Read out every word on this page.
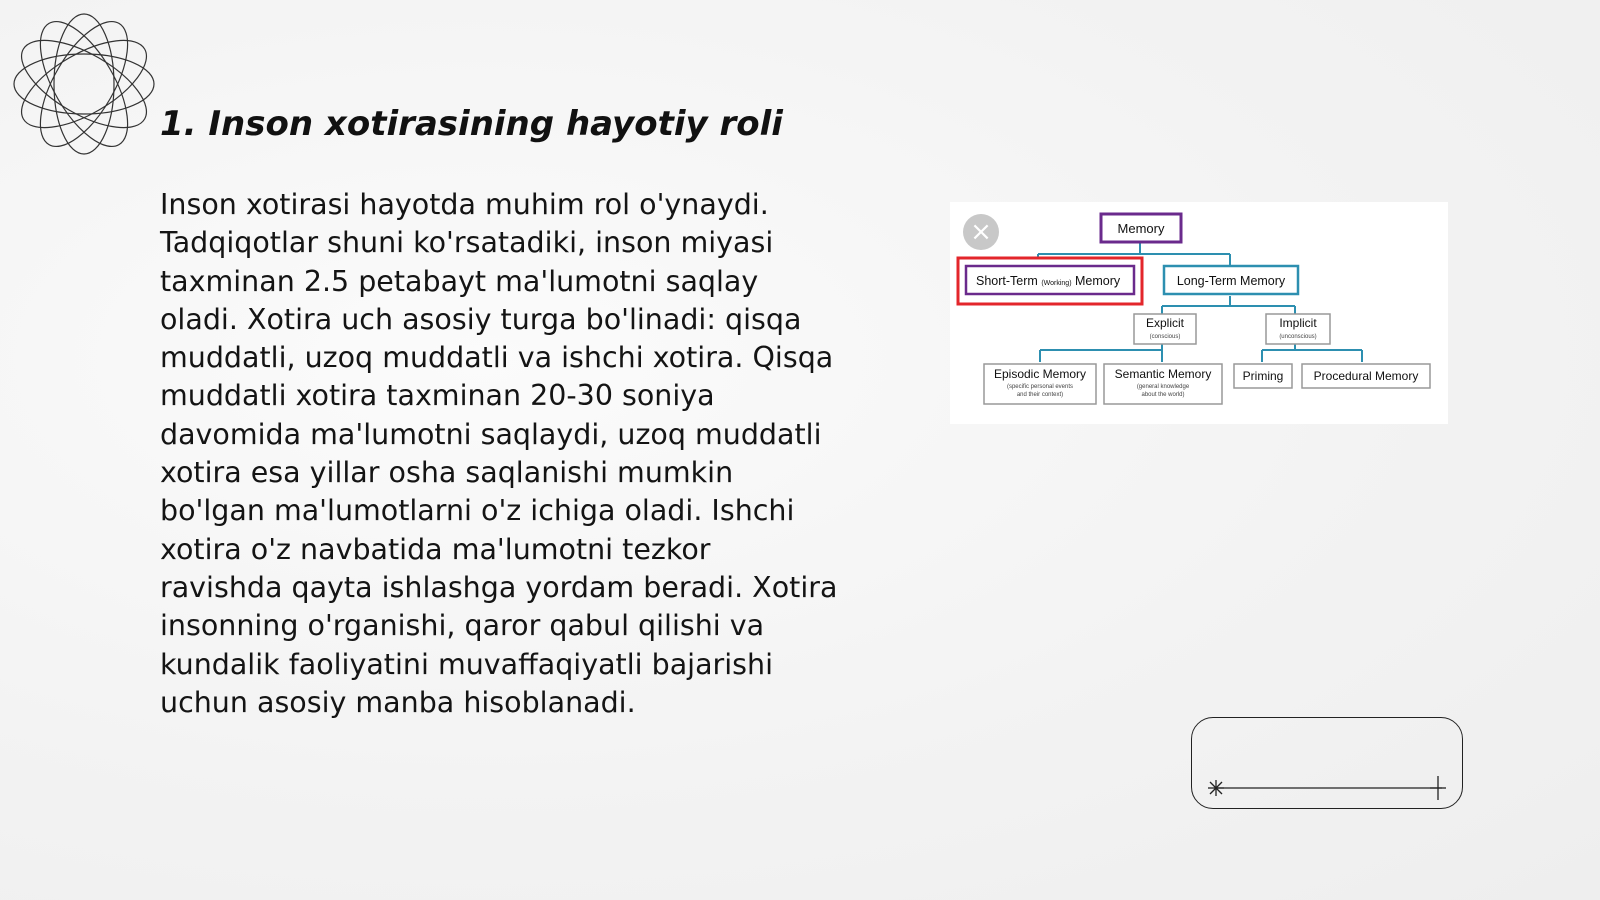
1. Inson xotirasining hayotiy roli

Inson xotirasi hayotda muhim rol o'ynaydi. Tadqiqotlar shuni ko'rsatadiki, inson miyasi taxminan 2.5 petabayt ma'lumotni saqlay oladi. Xotira uch asosiy turga bo'linadi: qisqa muddatli, uzoq muddatli va ishchi xotira. Qisqa muddatli xotira taxminan 20-30 soniya davomida ma'lumotni saqlaydi, uzoq muddatli xotira esa yillar osha saqlanishi mumkin bo'lgan ma'lumotlarni o'z ichiga oladi. Ishchi xotira o'z navbatida ma'lumotni tezkor ravishda qayta ishlashga yordam beradi. Xotira insonning o'rganishi, qaror qabul qilishi va kundalik faoliyatini muvaffaqiyatli bajarishi uchun asosiy manba hisoblanadi.

Memory
Short-Term (Working) Memory	Long-Term Memory
Explicit
(conscious)
Implicit
(unconscious)
Episodic Memory
(specific personal events
and their context)
Semantic Memory
(general knowledge
about the world)
Priming	Procedural Memory
×
